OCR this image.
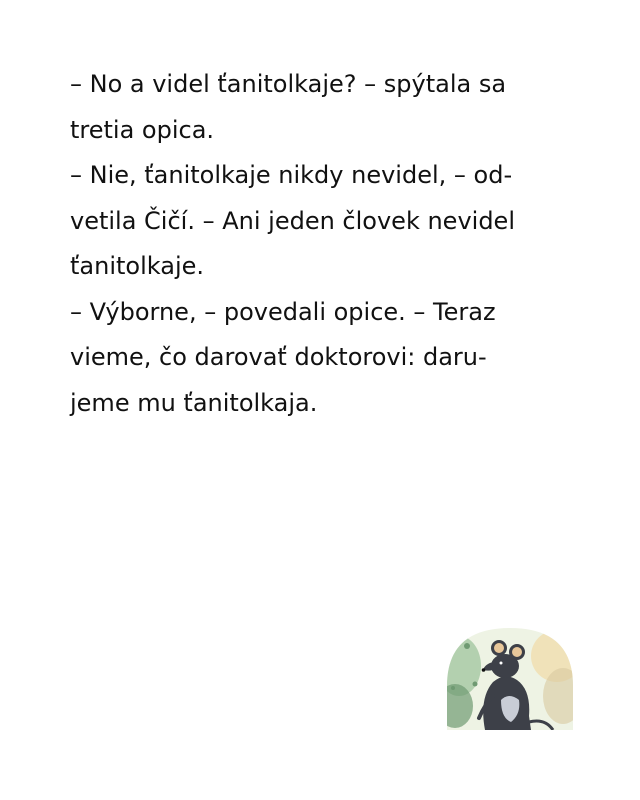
– No a videl ťanitolkaje? – spýtala sa
tretia opica.
– Nie, ťanitolkaje nikdy nevidel, – od-
vetila Čičí. – Ani jeden človek nevidel
ťanitolkaje.
– Výborne, – povedali opice. – Teraz
vieme, čo darovať doktorovi: daru-
jeme mu ťanitolkaja.
